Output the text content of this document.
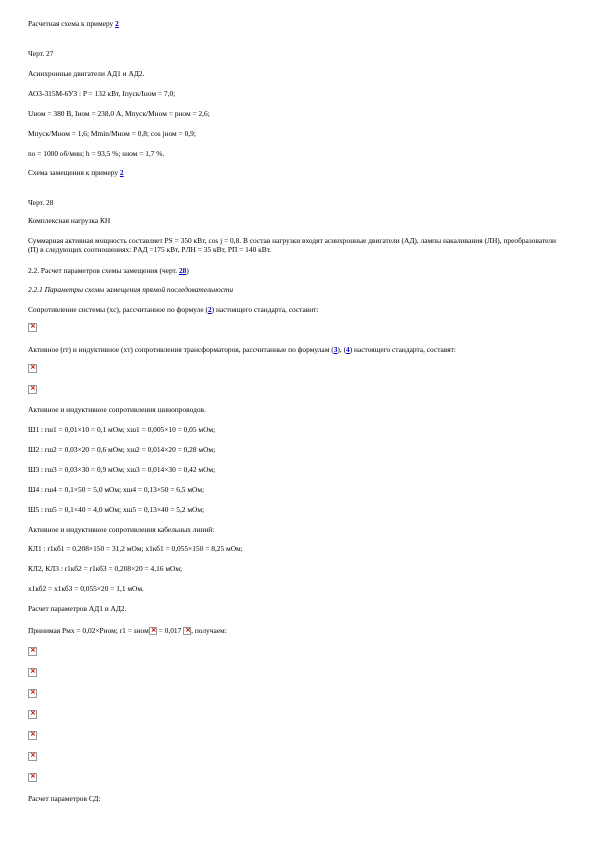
Расчетная схема к примеру 2
Черт. 27
Асинхронные двигатели АД1 и АД2.
АО3-315М-6УЗ : P = 132 кВт, Iпуск/Iном = 7,0;
Uном = 380 В, Iном = 238,0 А, Мпуск/Мном = pном = 2,6;
Мпуск/Мном = 1,6; Мmin/Мном = 0,8; cos jном = 0,9;
nо = 1000 об/мин; h = 93,5 %; sном = 1,7 %.
Схема замещения к примеру 2
Черт. 28
Комплексная нагрузка КН
Суммарная активная мощность составляет PS = 350 кВт, cos j = 0,8. В состав нагрузки входят асинхронные двигатели (АД), лампы накаливания (ЛН), преобразователи (П) в следующих соотношениях: PАД =175 кВт, PЛН = 35 кВт, PП = 140 кВт.
2.2. Расчет параметров схемы замещения (черт. 28)
2.2.1 Параметры схемы замещения прямой последовательности
Сопротивление системы (xс), рассчитанное по формуле (2) настоящего стандарта, составит:
×
Активное (rт) и индуктивное (xт) сопротивления трансформаторов, рассчитанные по формулам (3), (4) настоящего стандарта, составят:
×
×
Активное и индуктивное сопротивления шинопроводов.
Ш1 : rш1 = 0,01×10 = 0,1 мОм; xш1 = 0,005×10 = 0,05 мОм;
Ш2 : rш2 = 0,03×20 = 0,6 мОм; xш2 = 0,014×20 = 0,28 мОм;
Ш3 : rш3 = 0,03×30 = 0,9 мОм; xш3 = 0,014×30 = 0,42 мОм;
Ш4 : rш4 = 0,1×50 = 5,0 мОм; xш4 = 0,13×50 = 6,5 мОм;
Ш5 : rш5 = 0,1×40 = 4,0 мОм; xш5 = 0,13×40 = 5,2 мОм;
Активное и индуктивное сопротивления кабельных линий:
КЛ1 : r1кб1 = 0,208×150 = 31,2 мОм; x1кб1 = 0,055×150 = 8,25 мОм;
КЛ2, КЛ3 : r1кб2 = r1кб3 = 0,208×20 = 4,16 мОм;
x1кб2 = x1кб3 = 0,055×20 = 1,1 мОм.
Расчет параметров АД1 и АД2.
Принимая Pмх = 0,02×Pном; r1 = sном× = 0,017 ×, получаем:
×
×
×
×
×
×
×
Расчет параметров СД:
